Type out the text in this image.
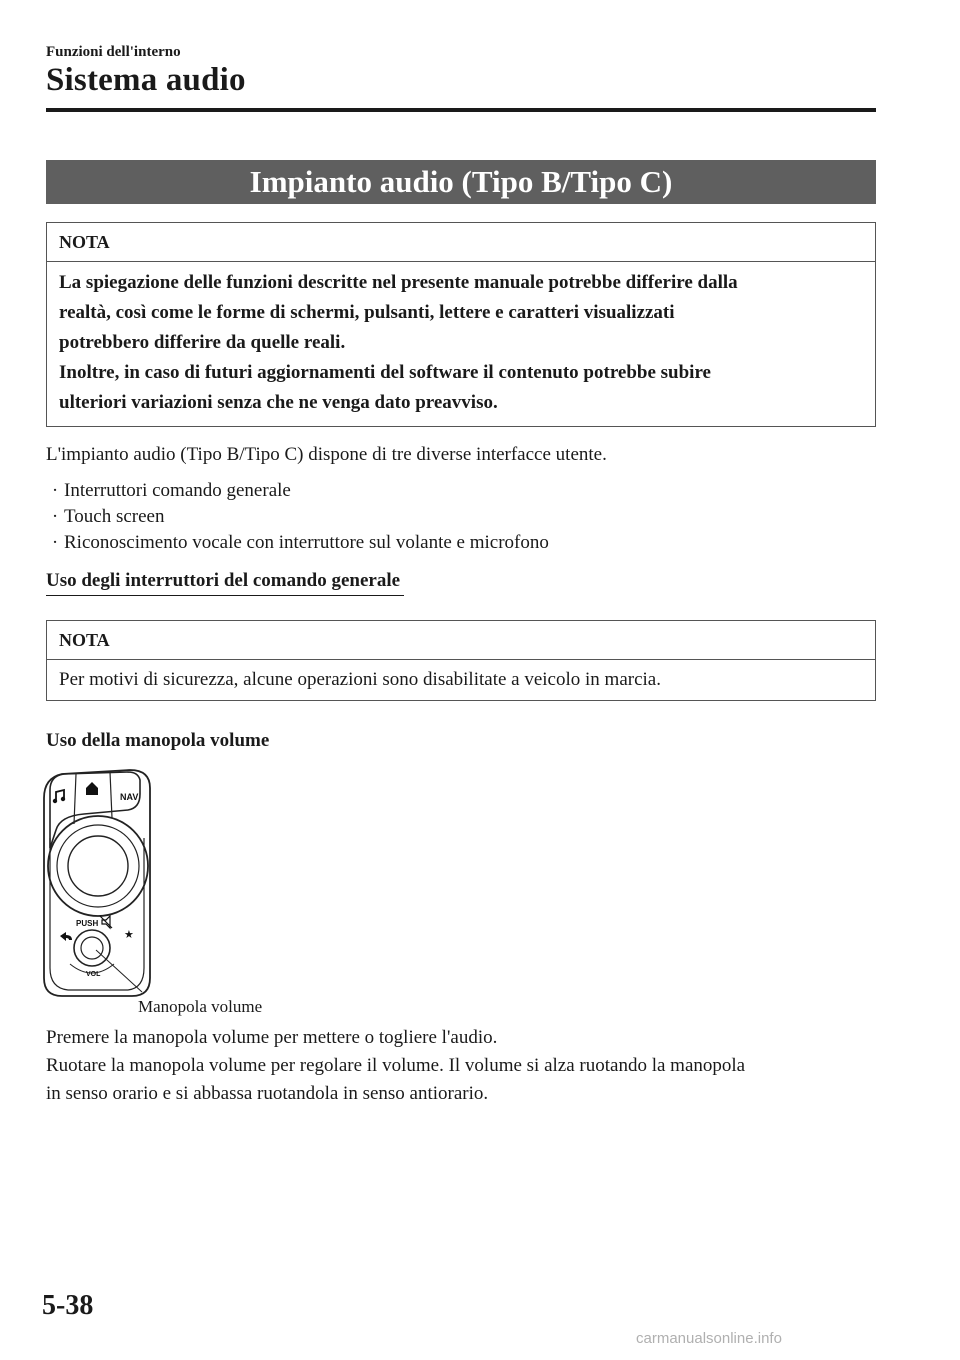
Funzioni dell'interno
Sistema audio
Impianto audio (Tipo B/Tipo C)
NOTA
La spiegazione delle funzioni descritte nel presente manuale potrebbe differire dalla
realtà, così come le forme di schermi, pulsanti, lettere e caratteri visualizzati
potrebbero differire da quelle reali.
Inoltre, in caso di futuri aggiornamenti del software il contenuto potrebbe subire
ulteriori variazioni senza che ne venga dato preavviso.
L'impianto audio (Tipo B/Tipo C) dispone di tre diverse interfacce utente.
· Interruttori comando generale
· Touch screen
· Riconoscimento vocale con interruttore sul volante e microfono
Uso degli interruttori del comando generale
NOTA
Per motivi di sicurezza, alcune operazioni sono disabilitate a veicolo in marcia.
Uso della manopola volume
NAV
PUSH
★
VOL
Manopola volume
Premere la manopola volume per mettere o togliere l'audio.
Ruotare la manopola volume per regolare il volume. Il volume si alza ruotando la manopola
in senso orario e si abbassa ruotandola in senso antiorario.
5-38
carmanualsonline.info
